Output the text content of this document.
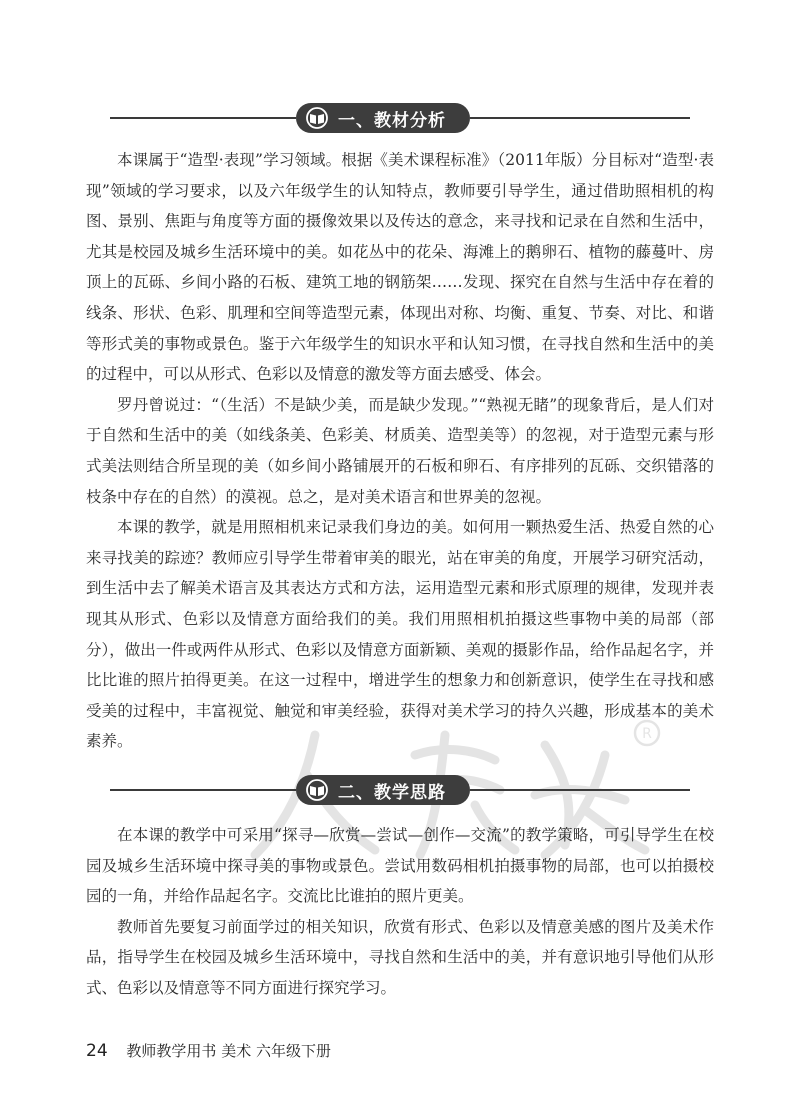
R
一、教材分析

本课属于“造型·表现”学习领域。根据《美术课程标准》（2011年版）分目标对“造型·表现”领域的学习要求，以及六年级学生的认知特点，教师要引导学生，通过借助照相机的构图、景别、焦距与角度等方面的摄像效果以及传达的意念，来寻找和记录在自然和生活中，尤其是校园及城乡生活环境中的美。如花丛中的花朵、海滩上的鹅卵石、植物的藤蔓叶、房顶上的瓦砾、乡间小路的石板、建筑工地的钢筋架……发现、探究在自然与生活中存在着的线条、形状、色彩、肌理和空间等造型元素，体现出对称、均衡、重复、节奏、对比、和谐等形式美的事物或景色。鉴于六年级学生的知识水平和认知习惯，在寻找自然和生活中的美的过程中，可以从形式、色彩以及情意的激发等方面去感受、体会。

罗丹曾说过：“（生活）不是缺少美，而是缺少发现。”“熟视无睹”的现象背后，是人们对于自然和生活中的美（如线条美、色彩美、材质美、造型美等）的忽视，对于造型元素与形式美法则结合所呈现的美（如乡间小路铺展开的石板和卵石、有序排列的瓦砾、交织错落的枝条中存在的自然）的漠视。总之，是对美术语言和世界美的忽视。

本课的教学，就是用照相机来记录我们身边的美。如何用一颗热爱生活、热爱自然的心来寻找美的踪迹？教师应引导学生带着审美的眼光，站在审美的角度，开展学习研究活动，到生活中去了解美术语言及其表达方式和方法，运用造型元素和形式原理的规律，发现并表现其从形式、色彩以及情意方面给我们的美。我们用照相机拍摄这些事物中美的局部（部分），做出一件或两件从形式、色彩以及情意方面新颖、美观的摄影作品，给作品起名字，并比比谁的照片拍得更美。在这一过程中，增进学生的想象力和创新意识，使学生在寻找和感受美的过程中，丰富视觉、触觉和审美经验，获得对美术学习的持久兴趣，形成基本的美术素养。

二、教学思路

在本课的教学中可采用“探寻—欣赏—尝试—创作—交流”的教学策略，可引导学生在校园及城乡生活环境中探寻美的事物或景色。尝试用数码相机拍摄事物的局部，也可以拍摄校园的一角，并给作品起名字。交流比比谁拍的照片更美。

教师首先要复习前面学过的相关知识，欣赏有形式、色彩以及情意美感的图片及美术作品，指导学生在校园及城乡生活环境中，寻找自然和生活中的美，并有意识地引导他们从形式、色彩以及情意等不同方面进行探究学习。

24 教师教学用书 美术 六年级下册
